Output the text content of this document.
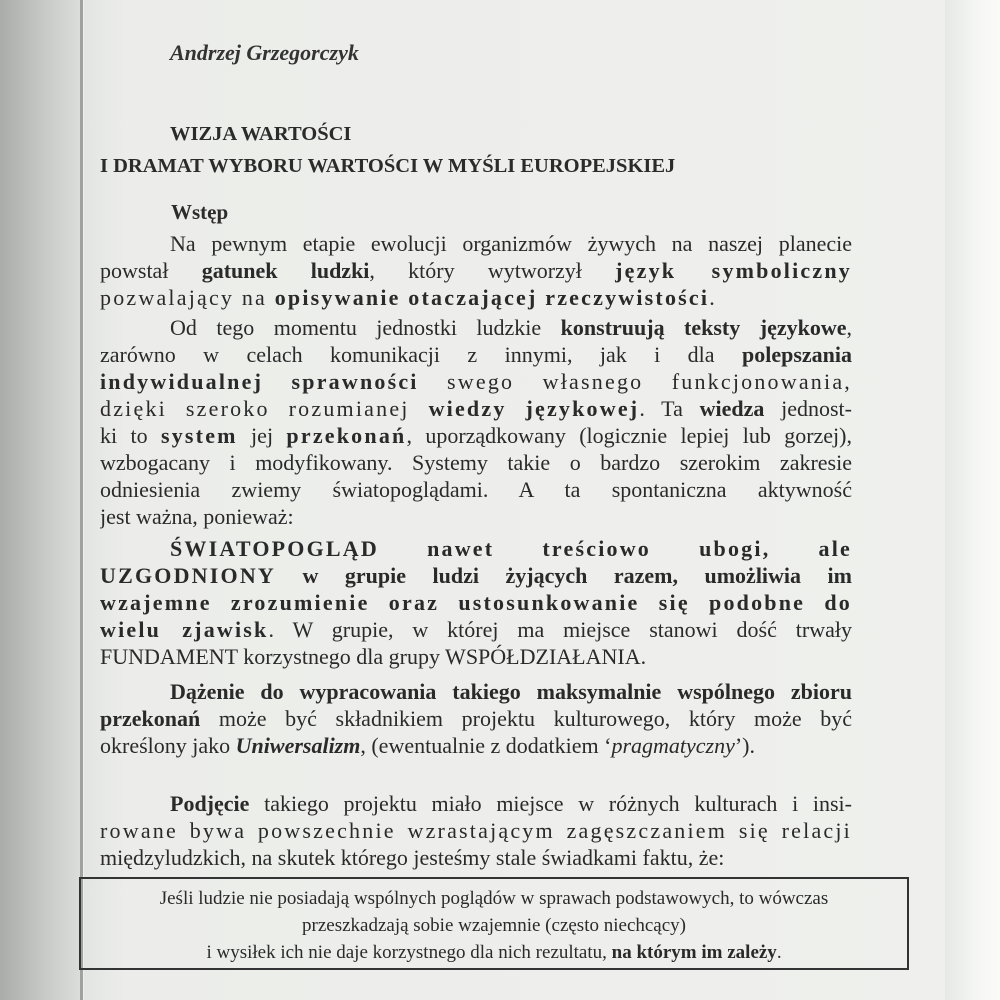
Andrzej Grzegorczyk
WIZJA WARTOŚCI
I DRAMAT WYBORU WARTOŚCI W MYŚLI EUROPEJSKIEJ
Wstęp
Na pewnym etapie ewolucji organizmów żywych na naszej planecie
powstał gatunek ludzki, który wytworzył język symboliczny
pozwalający na opisywanie otaczającej rzeczywistości.
Od tego momentu jednostki ludzkie konstruują teksty językowe,
zarówno w celach komunikacji z innymi, jak i dla polepszania
indywidualnej sprawności swego własnego funkcjonowania,
dzięki szeroko rozumianej wiedzy językowej. Ta wiedza jednost-
ki to system jej przekonań, uporządkowany (logicznie lepiej lub gorzej),
wzbogacany i modyfikowany. Systemy takie o bardzo szerokim zakresie
odniesienia zwiemy światopoglądami. A ta spontaniczna aktywność
jest ważna, ponieważ:
ŚWIATOPOGLĄD nawet treściowo ubogi, ale
UZGODNIONY w grupie ludzi żyjących razem, umożliwia im
wzajemne zrozumienie oraz ustosunkowanie się podobne do
wielu zjawisk. W grupie, w której ma miejsce stanowi dość trwały
FUNDAMENT korzystnego dla grupy WSPÓŁDZIAŁANIA.
Dążenie do wypracowania takiego maksymalnie wspólnego zbioru
przekonań może być składnikiem projektu kulturowego, który może być
określony jako Uniwersalizm, (ewentualnie z dodatkiem ‘pragmatyczny’).
Podjęcie takiego projektu miało miejsce w różnych kulturach i insi-
rowane bywa powszechnie wzrastającym zagęszczaniem się relacji
międzyludzkich, na skutek którego jesteśmy stale świadkami faktu, że:
Jeśli ludzie nie posiadają wspólnych poglądów w sprawach podstawowych, to wówczas
przeszkadzają sobie wzajemnie (często niechcący)
i wysiłek ich nie daje korzystnego dla nich rezultatu, na którym im zależy.
